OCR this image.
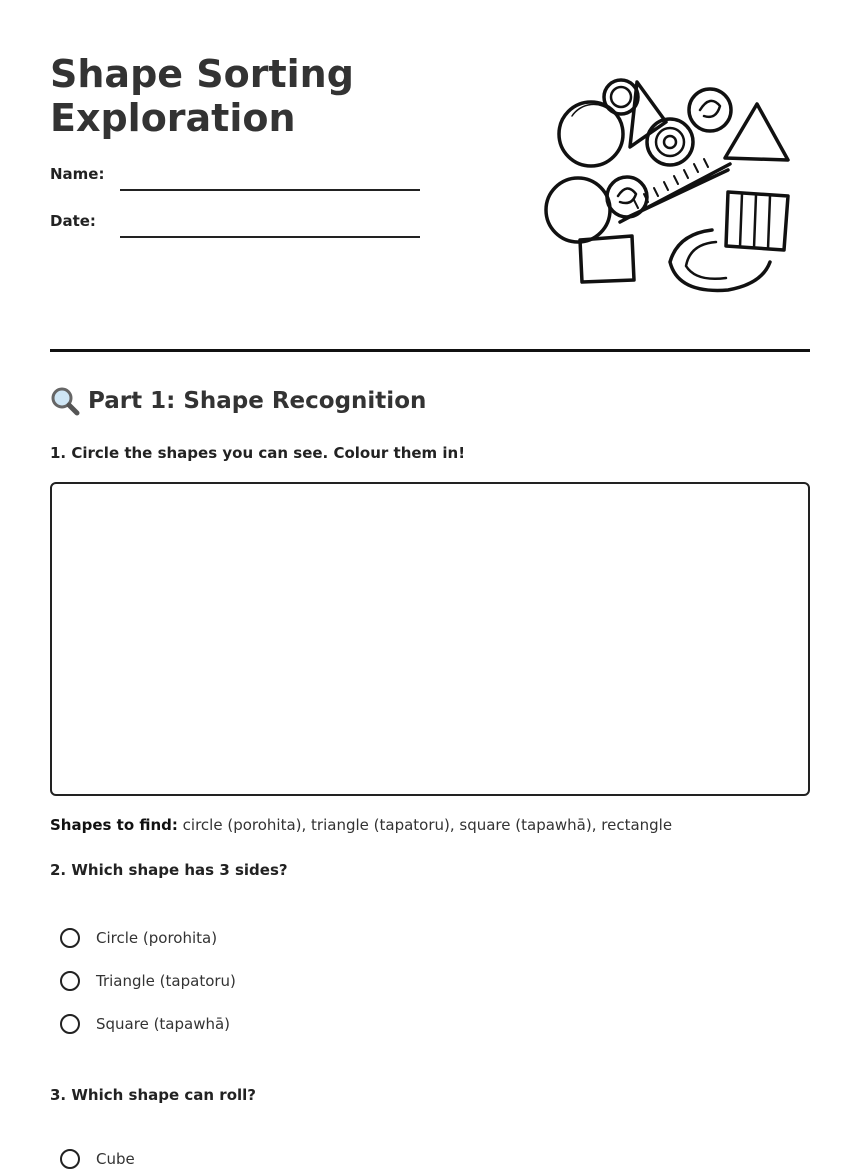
Shape Sorting
Exploration
Name:
Date:
Part 1: Shape Recognition

1. Circle the shapes you can see. Colour them in!

Shapes to find: circle (porohita), triangle (tapatoru), square (tapawhā), rectangle

2. Which shape has 3 sides?

Circle (porohita)
Triangle (tapatoru)
Square (tapawhā)

3. Which shape can roll?

Cube
